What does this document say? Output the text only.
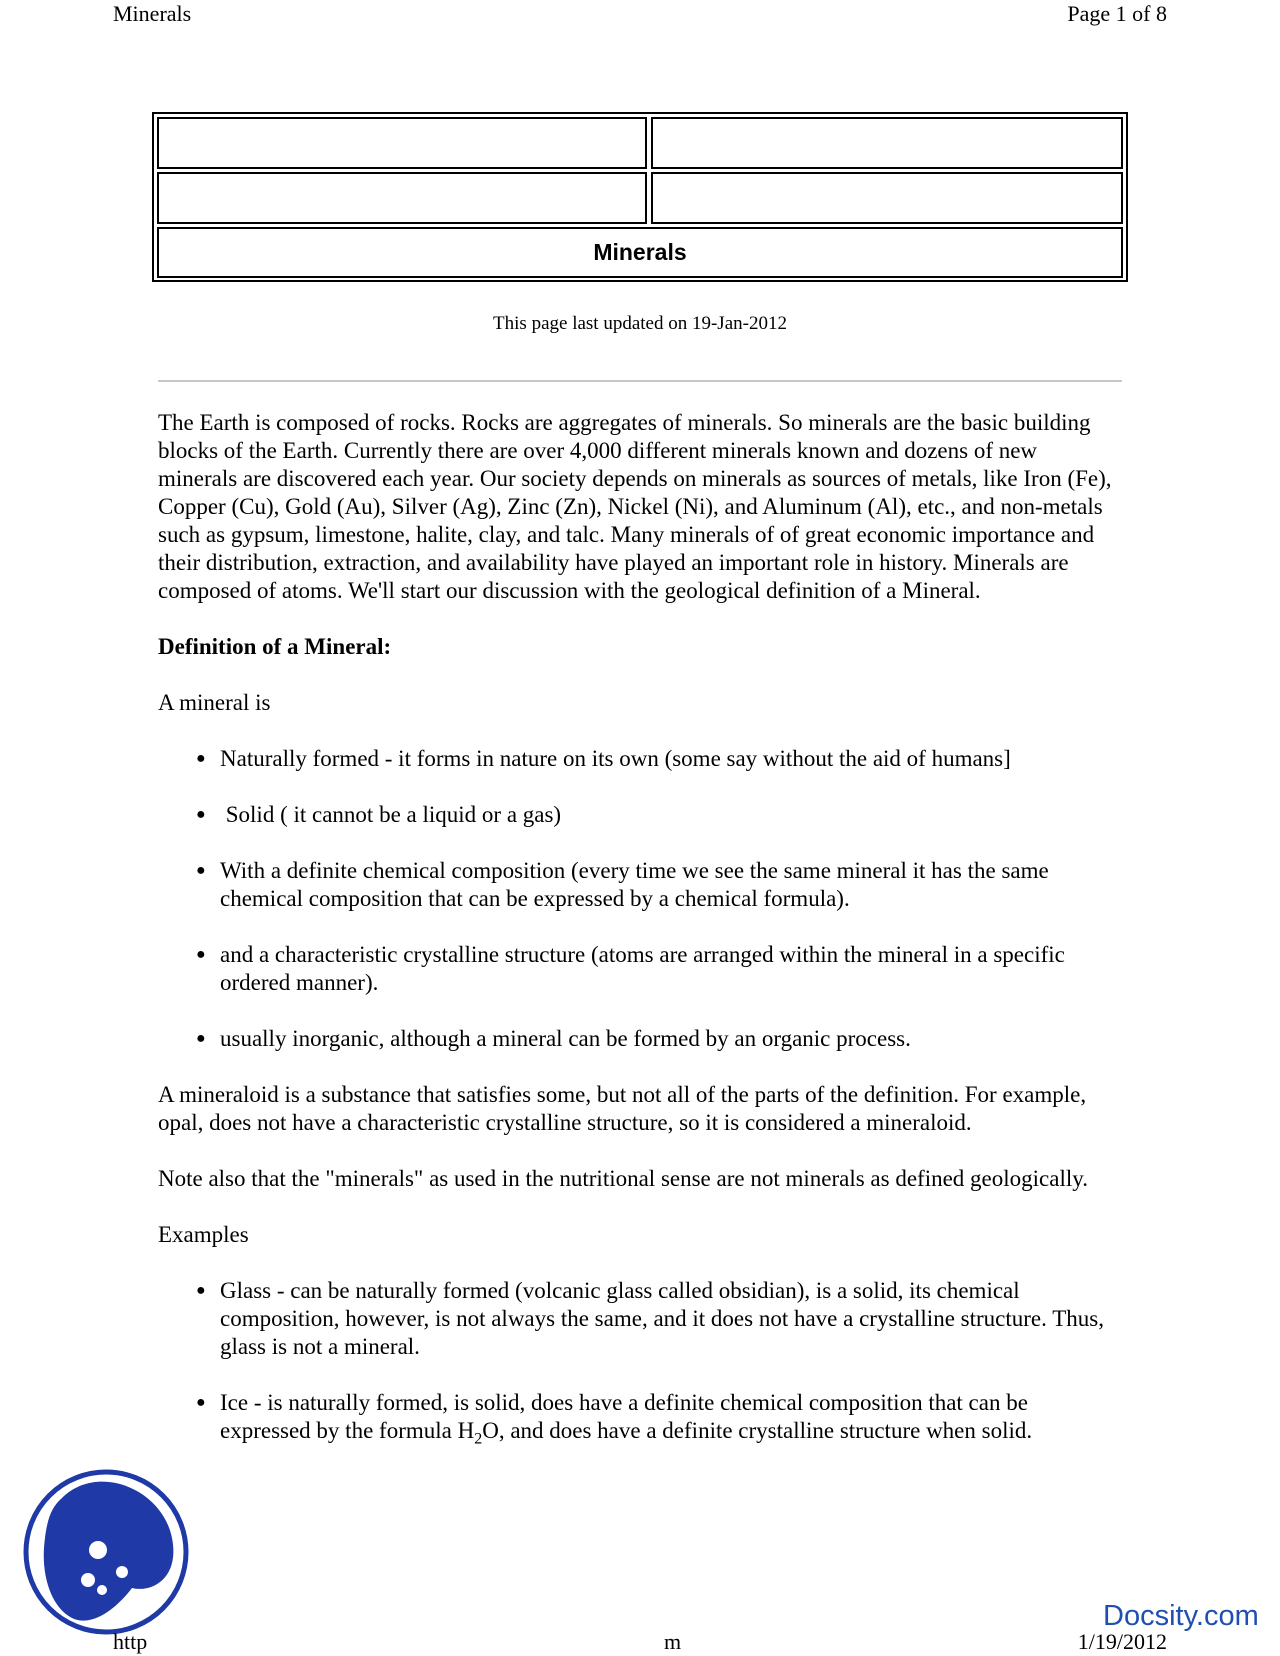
Minerals	Page 1 of 8
Minerals
This page last updated on 19-Jan-2012

The Earth is composed of rocks. Rocks are aggregates of minerals. So minerals are the basic building blocks of the Earth. Currently there are over 4,000 different minerals known and dozens of new minerals are discovered each year. Our society depends on minerals as sources of metals, like Iron (Fe), Copper (Cu), Gold (Au), Silver (Ag), Zinc (Zn), Nickel (Ni), and Aluminum (Al), etc., and non-metals such as gypsum, limestone, halite, clay, and talc. Many minerals of of great economic importance and their distribution, extraction, and availability have played an important role in history. Minerals are composed of atoms. We'll start our discussion with the geological definition of a Mineral.

Definition of a Mineral:

A mineral is

● Naturally formed - it forms in nature on its own (some say without the aid of humans]
● Solid ( it cannot be a liquid or a gas)
● With a definite chemical composition (every time we see the same mineral it has the same chemical composition that can be expressed by a chemical formula).
● and a characteristic crystalline structure (atoms are arranged within the mineral in a specific ordered manner).
● usually inorganic, although a mineral can be formed by an organic process.

A mineraloid is a substance that satisfies some, but not all of the parts of the definition. For example, opal, does not have a characteristic crystalline structure, so it is considered a mineraloid.

Note also that the "minerals" as used in the nutritional sense are not minerals as defined geologically.

Examples

● Glass - can be naturally formed (volcanic glass called obsidian), is a solid, its chemical composition, however, is not always the same, and it does not have a crystalline structure. Thus, glass is not a mineral.
● Ice - is naturally formed, is solid, does have a definite chemical composition that can be expressed by the formula $H_2O$, and does have a definite crystalline structure when solid.
Docsity.com
http	m	1/19/2012
